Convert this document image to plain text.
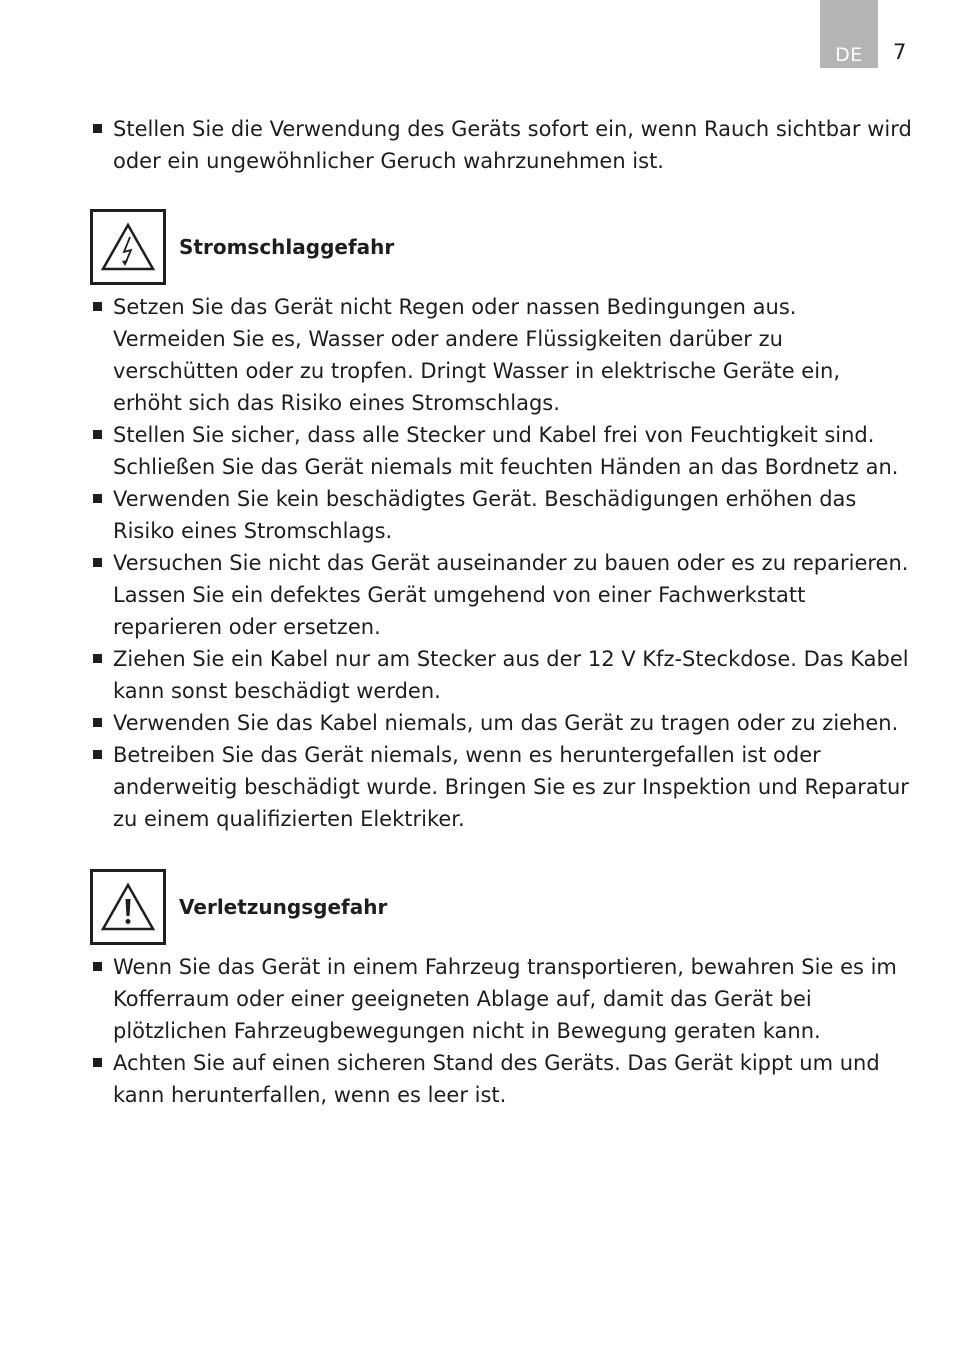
DE 7
Stellen Sie die Verwendung des Geräts sofort ein, wenn Rauch sichtbar wird oder ein ungewöhnlicher Geruch wahrzunehmen ist.
Stromschlaggefahr
Setzen Sie das Gerät nicht Regen oder nassen Bedingungen aus. Vermeiden Sie es, Wasser oder andere Flüssigkeiten darüber zu verschütten oder zu tropfen. Dringt Wasser in elektrische Geräte ein, erhöht sich das Risiko eines Stromschlags.
Stellen Sie sicher, dass alle Stecker und Kabel frei von Feuchtigkeit sind. Schließen Sie das Gerät niemals mit feuchten Händen an das Bordnetz an.
Verwenden Sie kein beschädigtes Gerät. Beschädigungen erhöhen das Risiko eines Stromschlags.
Versuchen Sie nicht das Gerät auseinander zu bauen oder es zu reparieren. Lassen Sie ein defektes Gerät umgehend von einer Fachwerkstatt reparieren oder ersetzen.
Ziehen Sie ein Kabel nur am Stecker aus der 12 V Kfz-Steckdose. Das Kabel kann sonst beschädigt werden.
Verwenden Sie das Kabel niemals, um das Gerät zu tragen oder zu ziehen.
Betreiben Sie das Gerät niemals, wenn es heruntergefallen ist oder anderweitig beschädigt wurde. Bringen Sie es zur Inspektion und Reparatur zu einem qualifizierten Elektriker.
Verletzungsgefahr
Wenn Sie das Gerät in einem Fahrzeug transportieren, bewahren Sie es im Kofferraum oder einer geeigneten Ablage auf, damit das Gerät bei plötzlichen Fahrzeugbewegungen nicht in Bewegung geraten kann.
Achten Sie auf einen sicheren Stand des Geräts. Das Gerät kippt um und kann herunterfallen, wenn es leer ist.
